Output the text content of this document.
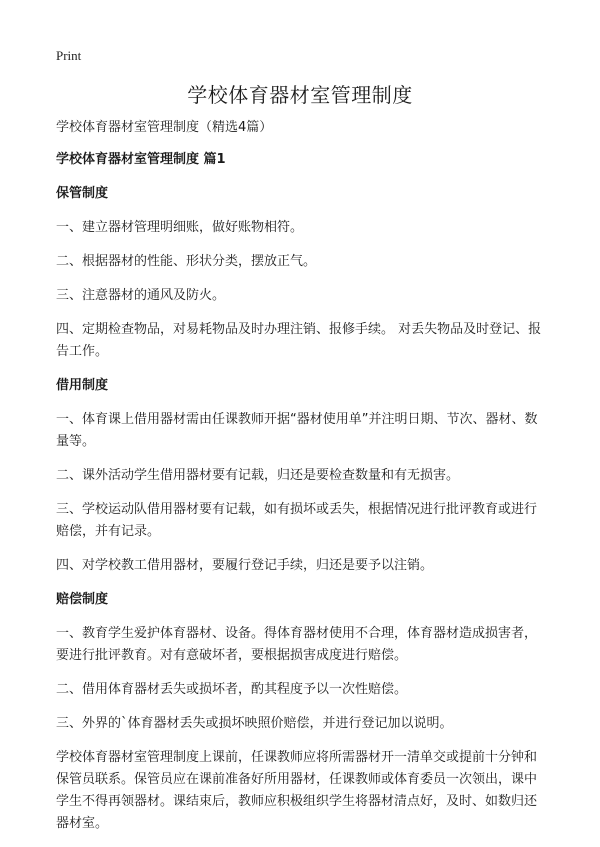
Print
学校体育器材室管理制度

学校体育器材室管理制度（精选4篇）

学校体育器材室管理制度 篇1

保管制度

一、建立器材管理明细账，做好账物相符。

二、根据器材的性能、形状分类，摆放正气。

三、注意器材的通风及防火。

四、定期检查物品，对易耗物品及时办理注销、报修手续。 对丢失物品及时登记、报告工作。

借用制度

一、体育课上借用器材需由任课教师开据“器材使用单”并注明日期、节次、器材、数量等。

二、课外活动学生借用器材要有记载，归还是要检查数量和有无损害。

三、学校运动队借用器材要有记载，如有损坏或丢失，根据情况进行批评教育或进行赔偿，并有记录。

四、对学校教工借用器材，要履行登记手续，归还是要予以注销。

赔偿制度

一、教育学生爱护体育器材、设备。得体育器材使用不合理，体育器材造成损害者，要进行批评教育。对有意破坏者，要根据损害成度进行赔偿。

二、借用体育器材丢失或损坏者，酌其程度予以一次性赔偿。

三、外界的`体育器材丢失或损坏映照价赔偿，并进行登记加以说明。

学校体育器材室管理制度上课前，任课教师应将所需器材开一清单交或提前十分钟和保管员联系。保管员应在课前准备好所用器材，任课教师或体育委员一次领出，课中学生不得再领器材。课结束后，教师应积极组织学生将器材清点好，及时、如数归还器材室。
